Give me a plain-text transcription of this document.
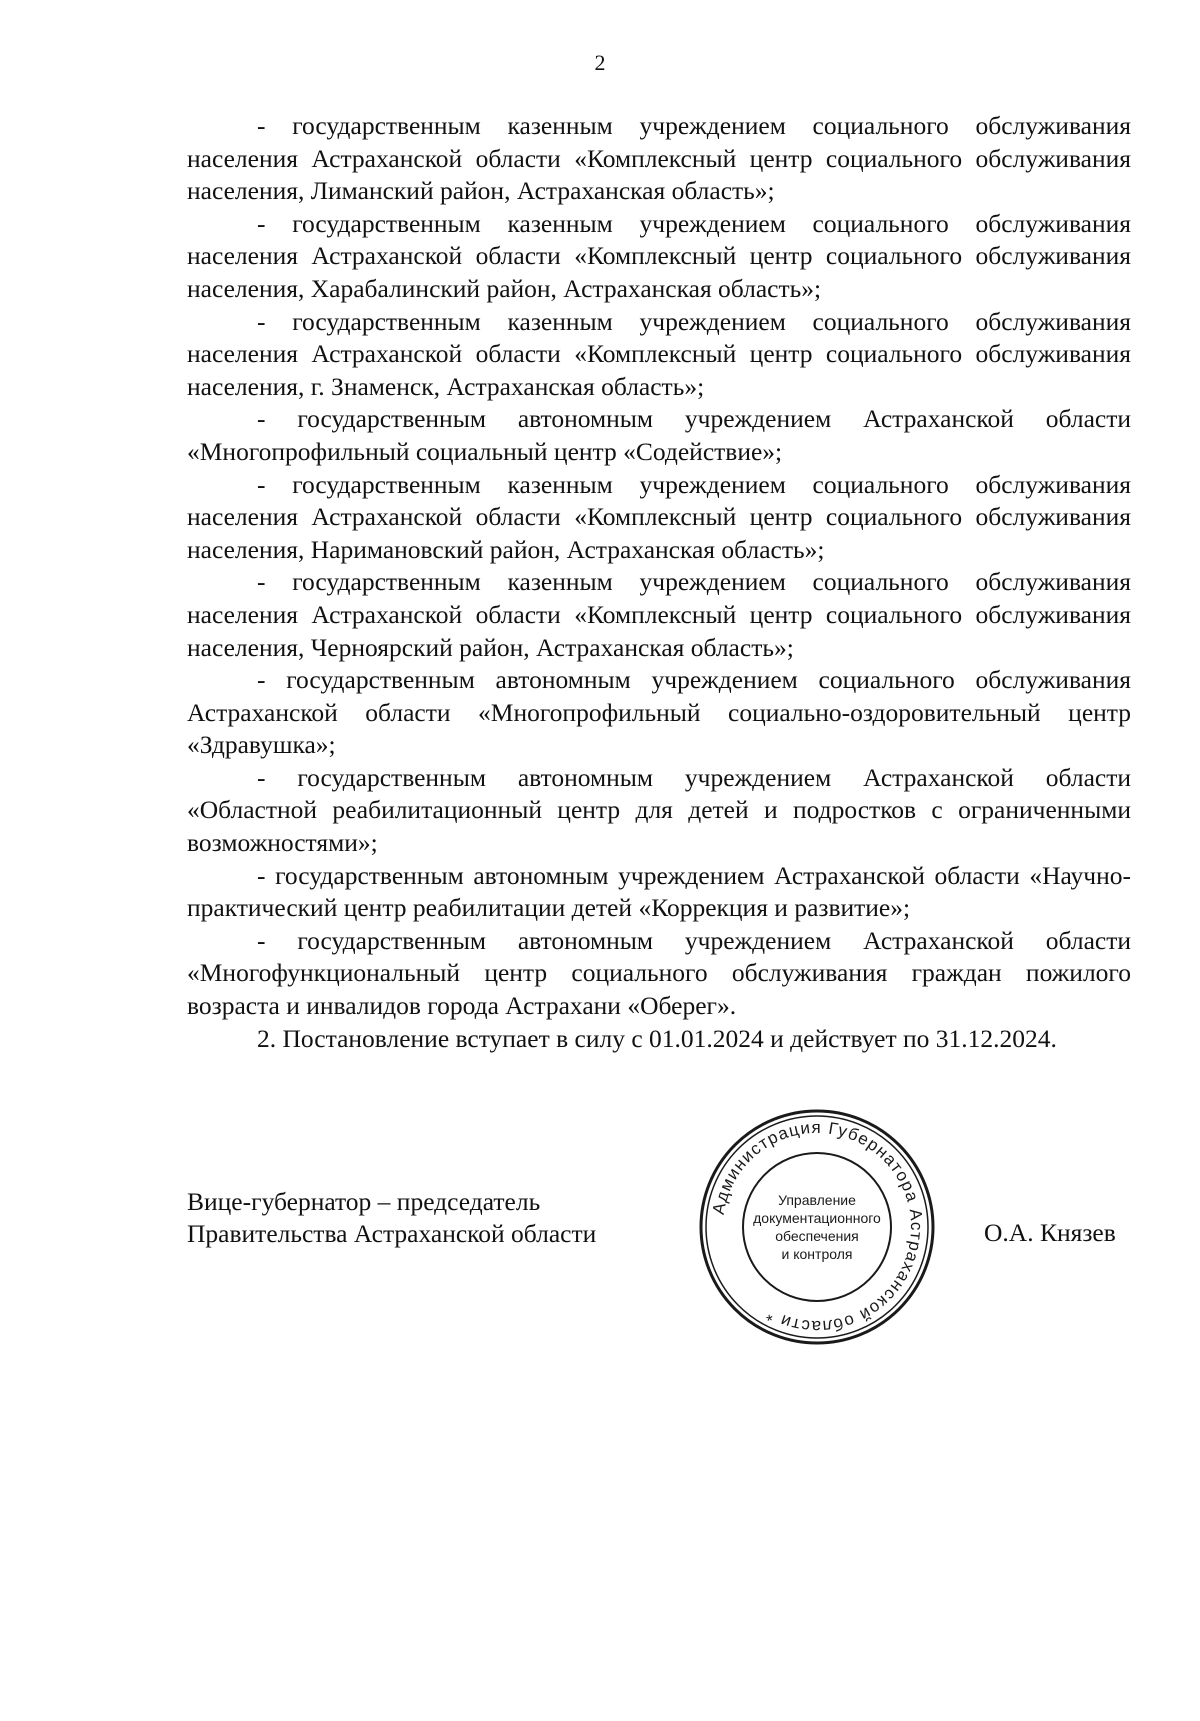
2

- государственным казенным учреждением социального обслуживания населения Астраханской области «Комплексный центр социального обслуживания населения, Лиманский район, Астраханская область»;

- государственным казенным учреждением социального обслуживания населения Астраханской области «Комплексный центр социального обслуживания населения, Харабалинский район, Астраханская область»;

- государственным казенным учреждением социального обслуживания населения Астраханской области «Комплексный центр социального обслуживания населения, г. Знаменск, Астраханская область»;

- государственным автономным учреждением Астраханской области «Многопрофильный социальный центр «Содействие»;

- государственным казенным учреждением социального обслуживания населения Астраханской области «Комплексный центр социального обслуживания населения, Наримановский район, Астраханская область»;

- государственным казенным учреждением социального обслуживания населения Астраханской области «Комплексный центр социального обслуживания населения, Черноярский район, Астраханская область»;

- государственным автономным учреждением социального обслуживания Астраханской области «Многопрофильный социально-оздоровительный центр «Здравушка»;

- государственным автономным учреждением Астраханской области «Областной реабилитационный центр для детей и подростков с ограниченными возможностями»;

- государственным автономным учреждением Астраханской области «Научно-практический центр реабилитации детей «Коррекция и развитие»;

- государственным автономным учреждением Астраханской области «Многофункциональный центр социального обслуживания граждан пожилого возраста и инвалидов города Астрахани «Оберег».

2. Постановление вступает в силу с 01.01.2024 и действует по 31.12.2024.

Вице-губернатор – председатель
Правительства Астраханской области	О.А. Князев
Администрация Губернатора Астраханской области *
Управление
документационного
обеспечения
и контроля
